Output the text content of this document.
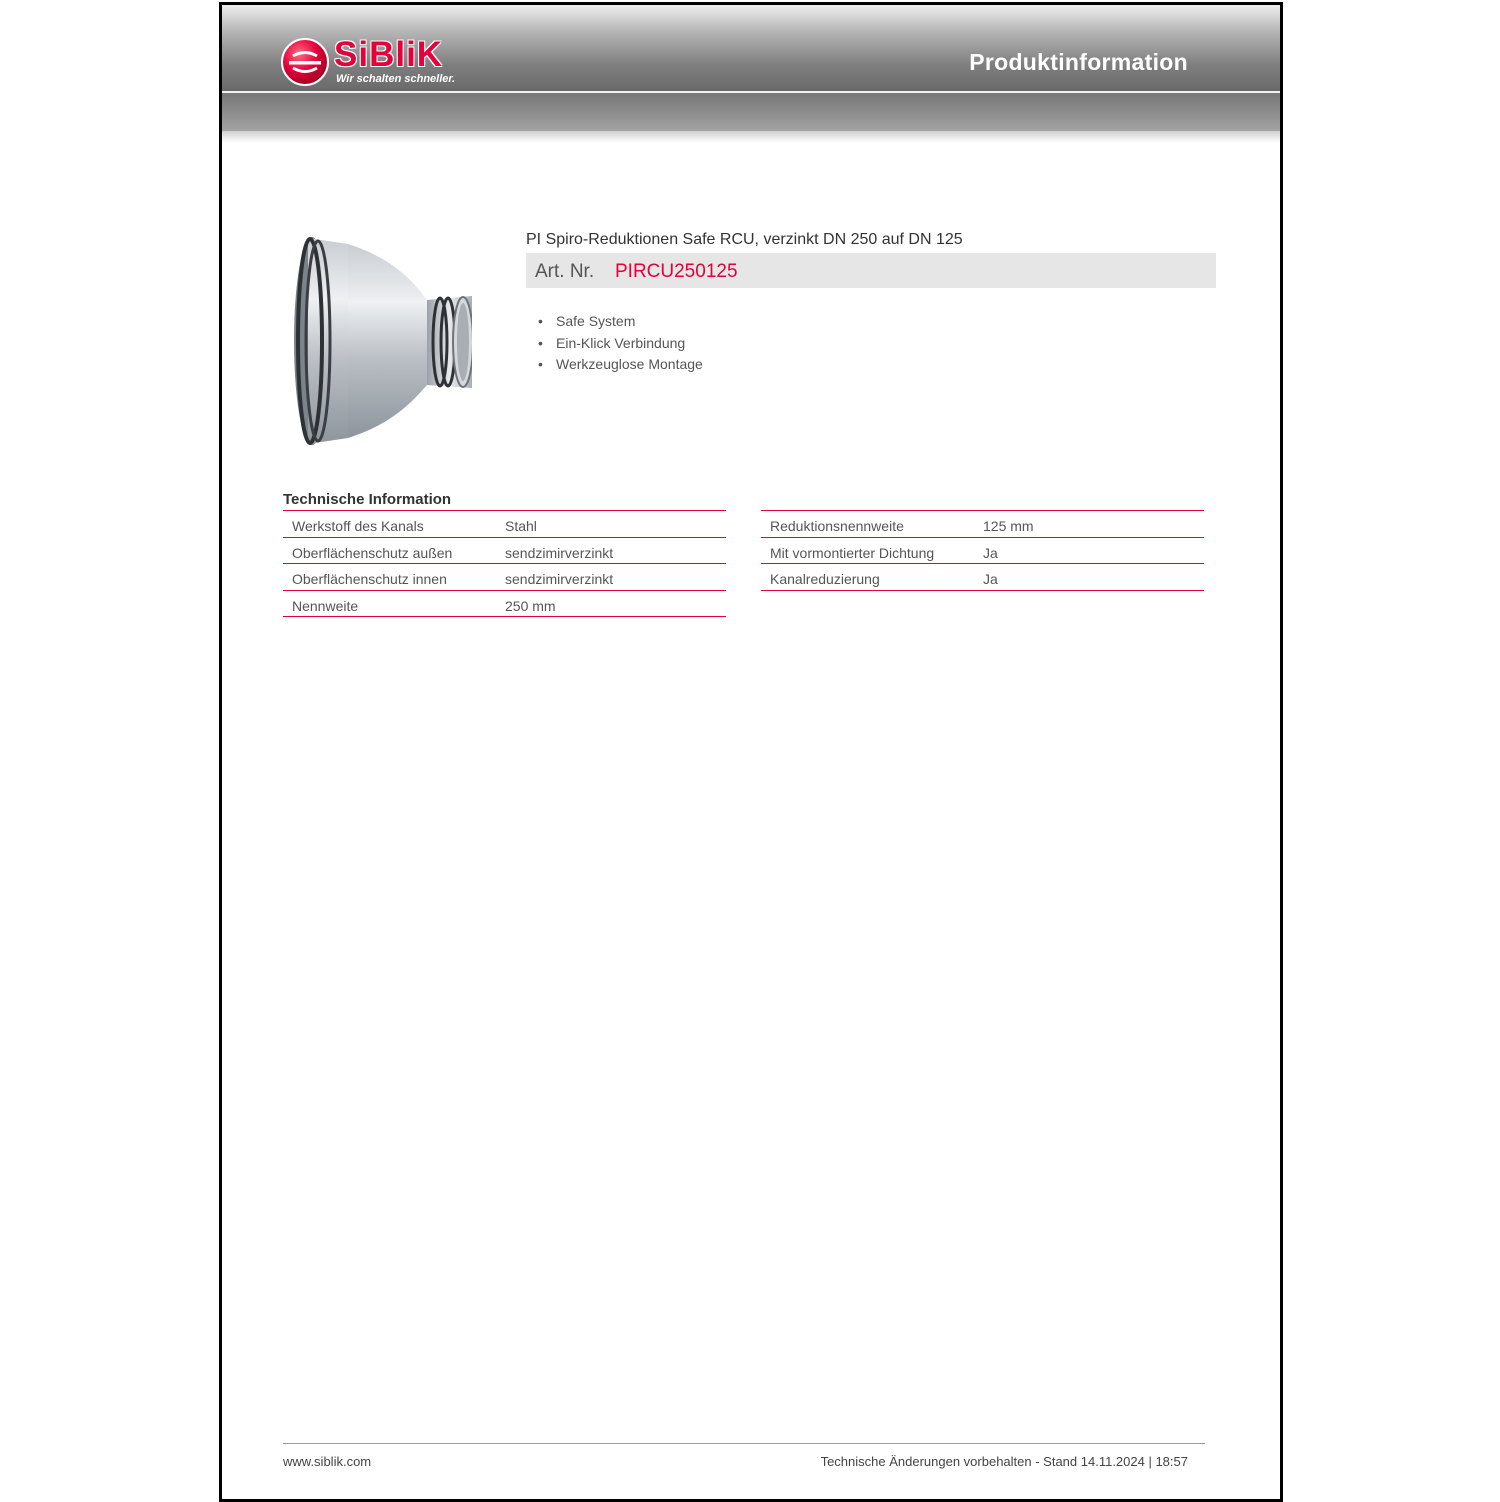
SiBliK
Wir schalten schneller.
Produktinformation
PI Spiro-Reduktionen Safe RCU, verzinkt DN 250 auf DN 125
Art. Nr. PIRCU250125
• Safe System
• Ein-Klick Verbindung
• Werkzeuglose Montage
Technische Information
Werkstoff des Kanals	Stahl
Oberflächenschutz außen	sendzimirverzinkt
Oberflächenschutz innen	sendzimirverzinkt
Nennweite	250 mm
Reduktionsnennweite	125 mm
Mit vormontierter Dichtung	Ja
Kanalreduzierung	Ja
www.siblik.com	Technische Änderungen vorbehalten - Stand 14.11.2024 | 18:57
